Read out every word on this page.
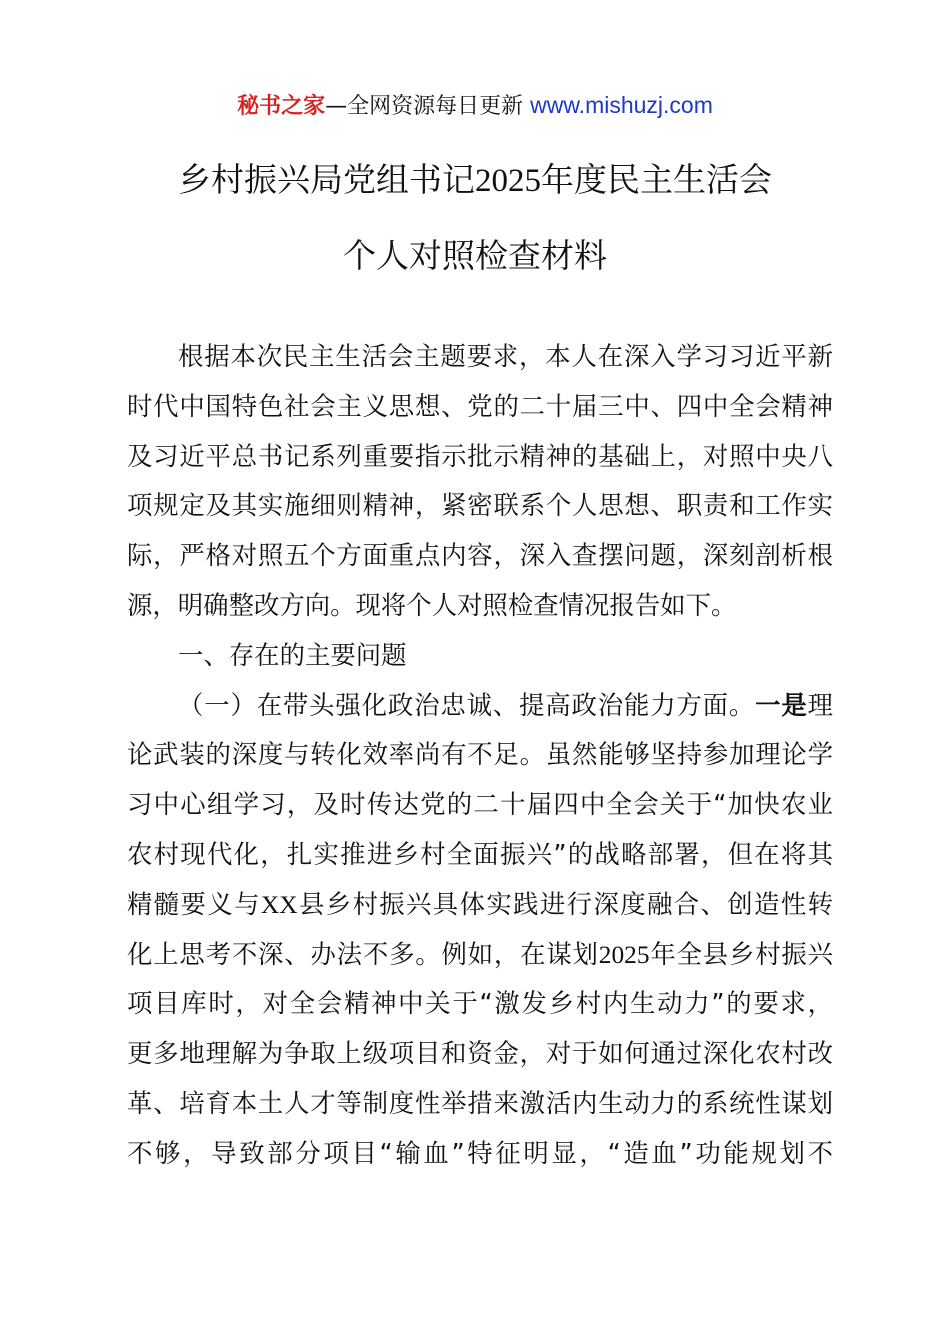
秘书之家—全网资源每日更新 www.mishuzj.com
乡村振兴局党组书记2025年度民主生活会
个人对照检查材料
根据本次民主生活会主题要求，本人在深入学习习近平新
时代中国特色社会主义思想、党的二十届三中、四中全会精神
及习近平总书记系列重要指示批示精神的基础上，对照中央八
项规定及其实施细则精神，紧密联系个人思想、职责和工作实
际，严格对照五个方面重点内容，深入查摆问题，深刻剖析根
源，明确整改方向。现将个人对照检查情况报告如下。
一、存在的主要问题
（一）在带头强化政治忠诚、提高政治能力方面。一是理
论武装的深度与转化效率尚有不足。虽然能够坚持参加理论学
习中心组学习，及时传达党的二十届四中全会关于“加快农业
农村现代化，扎实推进乡村全面振兴”的战略部署，但在将其
精髓要义与XX县乡村振兴具体实践进行深度融合、创造性转
化上思考不深、办法不多。例如，在谋划2025年全县乡村振兴
项目库时，对全会精神中关于“激发乡村内生动力”的要求，
更多地理解为争取上级项目和资金，对于如何通过深化农村改
革、培育本土人才等制度性举措来激活内生动力的系统性谋划
不够，导致部分项目“输血”特征明显，“造血”功能规划不
